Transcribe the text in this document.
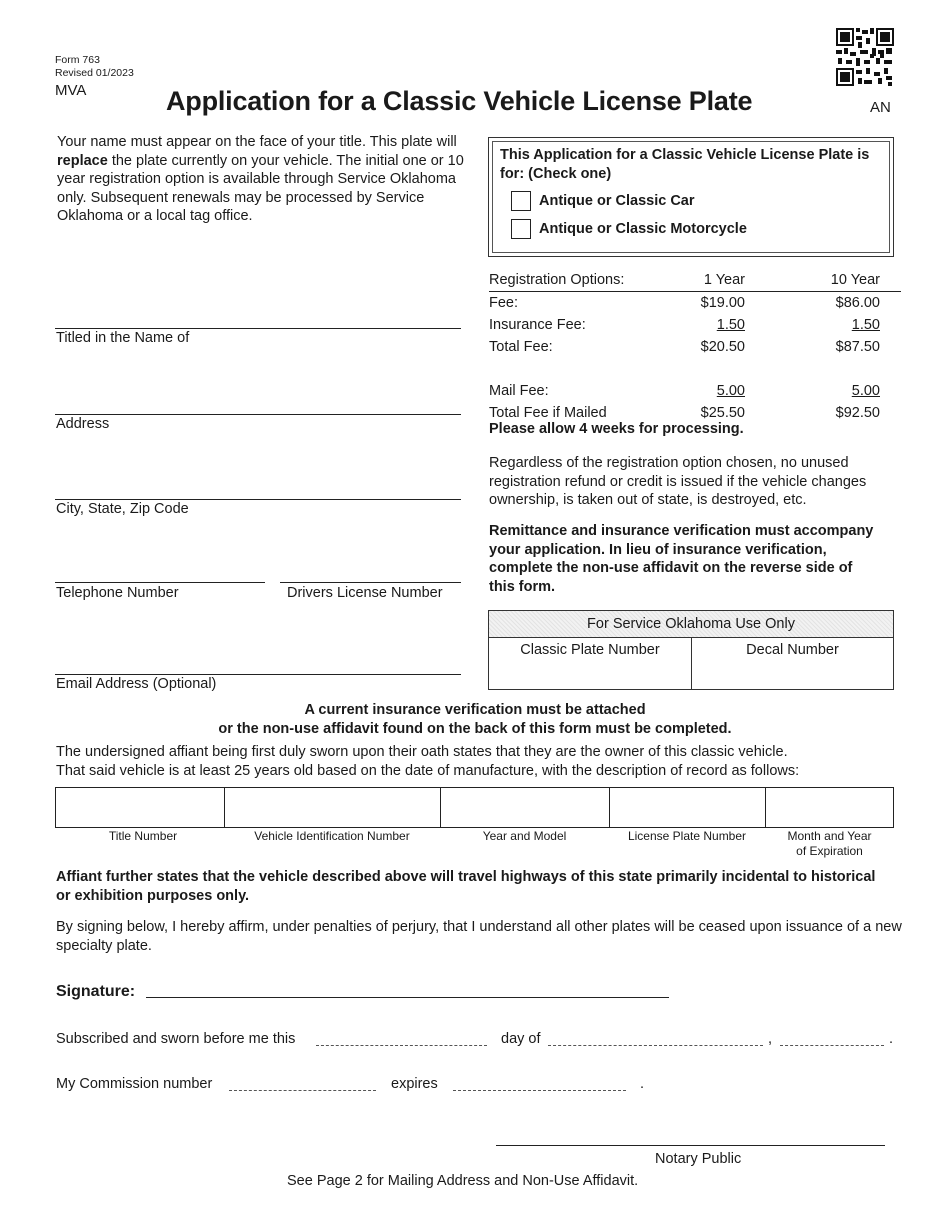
Form 763
Revised 01/2023
MVA	Application for a Classic Vehicle License Plate	AN
Your name must appear on the face of your title. This plate will replace the plate currently on your vehicle. The initial one or 10 year registration option is available through Service Oklahoma only. Subsequent renewals may be processed by Service Oklahoma or a local tag office.
This Application for a Classic Vehicle License Plate is for: (Check one)
Antique or Classic Car
Antique or Classic Motorcycle
Registration Options:	1 Year	10 Year
Fee:	$19.00	$86.00
Insurance Fee:	1.50	1.50
Total Fee:	$20.50	$87.50

Mail Fee:	5.00	5.00
Total Fee if Mailed	$25.50	$92.50
Please allow 4 weeks for processing.
Regardless of the registration option chosen, no unused registration refund or credit is issued if the vehicle changes ownership, is taken out of state, is destroyed, etc.
Remittance and insurance verification must accompany your application. In lieu of insurance verification, complete the non-use affidavit on the reverse side of this form.
For Service Oklahoma Use Only
Classic Plate Number	Decal Number
Titled in the Name of
Address
City, State, Zip Code
Telephone Number	Drivers License Number
Email Address (Optional)
A current insurance verification must be attached
or the non-use affidavit found on the back of this form must be completed.
The undersigned affiant being first duly sworn upon their oath states that they are the owner of this classic vehicle.
That said vehicle is at least 25 years old based on the date of manufacture, with the description of record as follows:
Title Number	Vehicle Identification Number	Year and Model	License Plate Number	Month and Year
of Expiration
Affiant further states that the vehicle described above will travel highways of this state primarily incidental to historical or exhibition purposes only.
By signing below, I hereby affirm, under penalties of perjury, that I understand all other plates will be ceased upon issuance of a new specialty plate.
Signature:
Subscribed and sworn before me this	day of	,	.
My Commission number	expires	.
Notary Public
See Page 2 for Mailing Address and Non-Use Affidavit.
